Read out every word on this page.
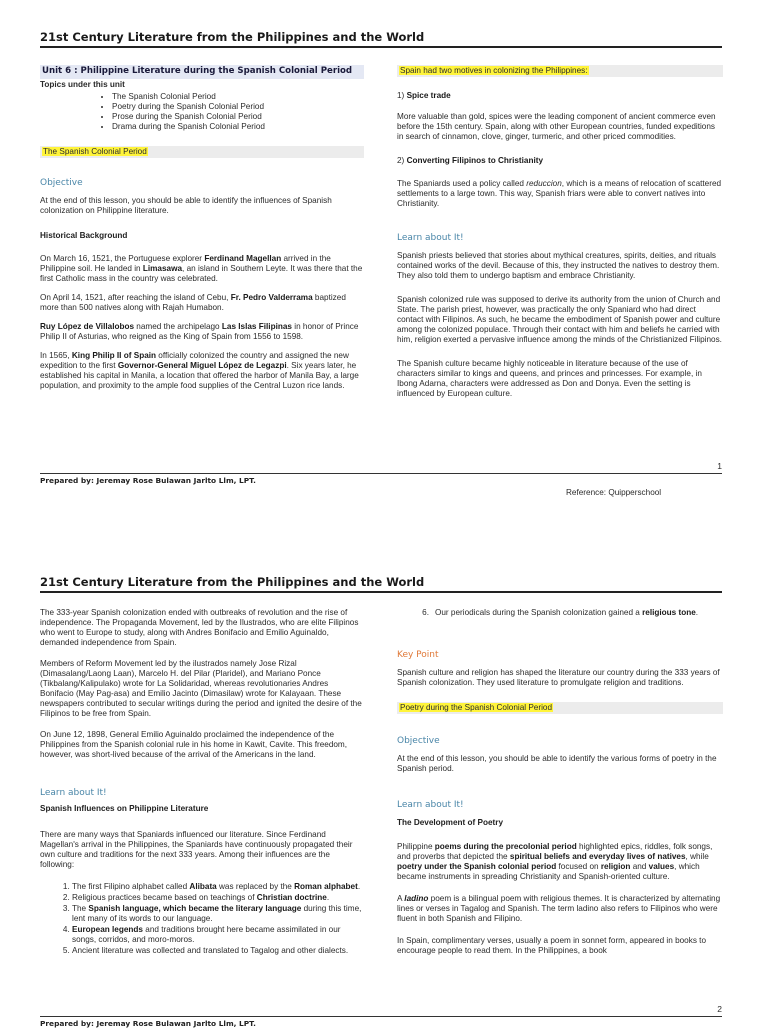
21st Century Literature from the Philippines and the World
Unit 6 : Philippine Literature during the Spanish Colonial Period
Topics under this unit
• The Spanish Colonial Period
• Poetry during the Spanish Colonial Period
• Prose during the Spanish Colonial Period
• Drama during the Spanish Colonial Period
The Spanish Colonial Period
Objective

At the end of this lesson, you should be able to identify the influences of Spanish colonization on Philippine literature.

Historical Background

On March 16, 1521, the Portuguese explorer Ferdinand Magellan arrived in the Philippine soil. He landed in Limasawa, an island in Southern Leyte. It was there that the first Catholic mass in the country was celebrated.

On April 14, 1521, after reaching the island of Cebu, Fr. Pedro Valderrama baptized more than 500 natives along with Rajah Humabon.

Ruy López de Villalobos named the archipelago Las Islas Filipinas in honor of Prince Philip II of Asturias, who reigned as the King of Spain from 1556 to 1598.

In 1565, King Philip II of Spain officially colonized the country and assigned the new expedition to the first Governor-General Miguel López de Legazpi. Six years later, he established his capital in Manila, a location that offered the harbor of Manila Bay, a large population, and proximity to the ample food supplies of the Central Luzon rice lands.

Spain had two motives in colonizing the Philippines:
1) Spice trade

More valuable than gold, spices were the leading component of ancient commerce even before the 15th century. Spain, along with other European countries, funded expeditions in search of cinnamon, clove, ginger, turmeric, and other priced commodities.

2) Converting Filipinos to Christianity

The Spaniards used a policy called reduccion, which is a means of relocation of scattered settlements to a large town. This way, Spanish friars were able to convert natives into Christianity.

Learn about It!

Spanish priests believed that stories about mythical creatures, spirits, deities, and rituals contained works of the devil. Because of this, they instructed the natives to destroy them. They also told them to undergo baptism and embrace Christianity.

Spanish colonized rule was supposed to derive its authority from the union of Church and State. The parish priest, however, was practically the only Spaniard who had direct contact with Filipinos. As such, he became the embodiment of Spanish power and culture among the colonized populace. Through their contact with him and beliefs he carried with him, religion exerted a pervasive influence among the minds of the Christianized Filipinos.

The Spanish culture became highly noticeable in literature because of the use of characters similar to kings and queens, and princes and princesses. For example, in Ibong Adarna, characters were addressed as Don and Donya. Even the setting is influenced by European culture.

1
Prepared by: Jeremay Rose Bulawan Jarlto Llm, LPT.
Reference: Quipperschool
21st Century Literature from the Philippines and the World

The 333-year Spanish colonization ended with outbreaks of revolution and the rise of independence. The Propaganda Movement, led by the Ilustrados, who are elite Filipinos who went to Europe to study, along with Andres Bonifacio and Emilio Aguinaldo, demanded independence from Spain.

Members of Reform Movement led by the ilustrados namely Jose Rizal (Dimasalang/Laong Laan), Marcelo H. del Pilar (Plaridel), and Mariano Ponce (Tikbalang/Kalipulako) wrote for La Solidaridad, whereas revolutionaries Andres Bonifacio (May Pag-asa) and Emilio Jacinto (Dimasilaw) wrote for Kalayaan. These newspapers contributed to secular writings during the period and ignited the desire of the Filipinos to be free from Spain.

On June 12, 1898, General Emilio Aguinaldo proclaimed the independence of the Philippines from the Spanish colonial rule in his home in Kawit, Cavite. This freedom, however, was short-lived because of the arrival of the Americans in the land.

Learn about It!
Spanish Influences on Philippine Literature

There are many ways that Spaniards influenced our literature. Since Ferdinand Magellan's arrival in the Philippines, the Spaniards have continuously propagated their own culture and traditions for the next 333 years. Among their influences are the following:

1. The first Filipino alphabet called Alibata was replaced by the Roman alphabet.
2. Religious practices became based on teachings of Christian doctrine.
3. The Spanish language, which became the literary language during this time, lent many of its words to our language.
4. European legends and traditions brought here became assimilated in our songs, corridos, and moro-moros.
5. Ancient literature was collected and translated to Tagalog and other dialects.
6. Our periodicals during the Spanish colonization gained a religious tone.
Key Point

Spanish culture and religion has shaped the literature our country during the 333 years of Spanish colonization. They used literature to promulgate religion and traditions.

Poetry during the Spanish Colonial Period
Objective

At the end of this lesson, you should be able to identify the various forms of poetry in the Spanish period.

Learn about It!
The Development of Poetry

Philippine poems during the precolonial period highlighted epics, riddles, folk songs, and proverbs that depicted the spiritual beliefs and everyday lives of natives, while poetry under the Spanish colonial period focused on religion and values, which became instruments in spreading Christianity and Spanish-oriented culture.

A ladino poem is a bilingual poem with religious themes. It is characterized by alternating lines or verses in Tagalog and Spanish. The term ladino also refers to Filipinos who were fluent in both Spanish and Filipino.

In Spain, complimentary verses, usually a poem in sonnet form, appeared in books to encourage people to read them. In the Philippines, a book

2
Prepared by: Jeremay Rose Bulawan Jarlto Llm, LPT.
